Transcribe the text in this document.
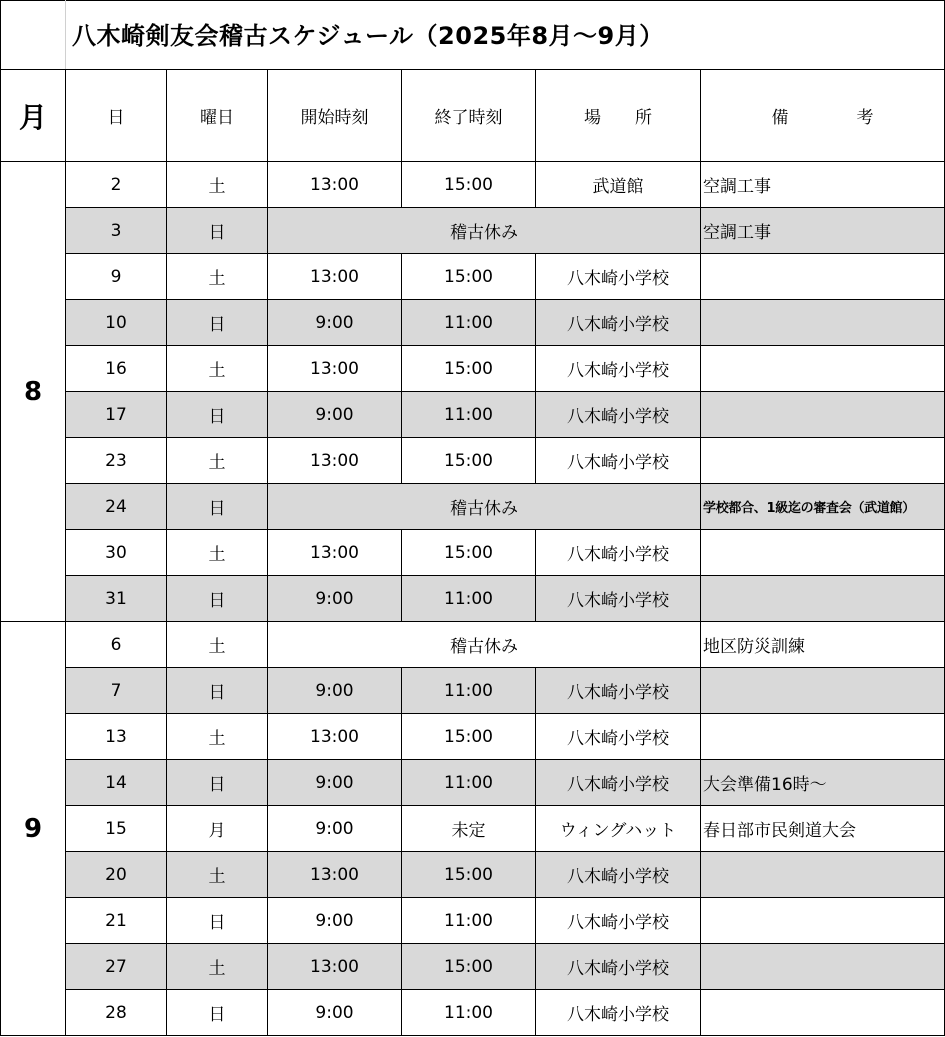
八木崎剣友会稽古スケジュール（2025年8月～9月）
月	日	曜日	開始時刻	終了時刻	場　　所	備　　　　考
8	2	土	13:00	15:00	武道館	空調工事
	3	日	稽古休み			空調工事
	9	土	13:00	15:00	八木崎小学校	
	10	日	9:00	11:00	八木崎小学校	
	16	土	13:00	15:00	八木崎小学校	
	17	日	9:00	11:00	八木崎小学校	
	23	土	13:00	15:00	八木崎小学校	
	24	日	稽古休み			学校都合、1級迄の審査会（武道館）
	30	土	13:00	15:00	八木崎小学校	
	31	日	9:00	11:00	八木崎小学校	
9	6	土	稽古休み			地区防災訓練
	7	日	9:00	11:00	八木崎小学校	
	13	土	13:00	15:00	八木崎小学校	
	14	日	9:00	11:00	八木崎小学校	大会準備16時～
	15	月	9:00	未定	ウィングハット	春日部市民剣道大会
	20	土	13:00	15:00	八木崎小学校	
	21	日	9:00	11:00	八木崎小学校	
	27	土	13:00	15:00	八木崎小学校	
	28	日	9:00	11:00	八木崎小学校	
